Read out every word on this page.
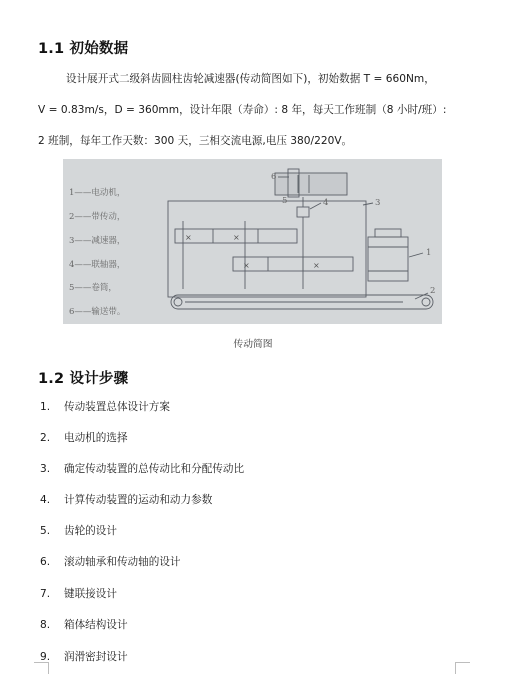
1.1 初始数据
设计展开式二级斜齿圆柱齿轮减速器(传动简图如下)，初始数据 T = 660Nm，
V = 0.83m/s，D = 360mm，设计年限（寿命）: 8 年，每天工作班制（8 小时/班）:
2 班制，每年工作天数：300 天，三相交流电源,电压 380/220V。
1——电动机，
2——带传动，
3——减速器，
4——联轴器，
5——卷筒，
6——输送带。
×	×
×	×
6
5	4	3
1
2
传动简图
1.2 设计步骤
1. 传动装置总体设计方案
2. 电动机的选择
3. 确定传动装置的总传动比和分配传动比
4. 计算传动装置的运动和动力参数
5. 齿轮的设计
6. 滚动轴承和传动轴的设计
7. 键联接设计
8. 箱体结构设计
9. 润滑密封设计
